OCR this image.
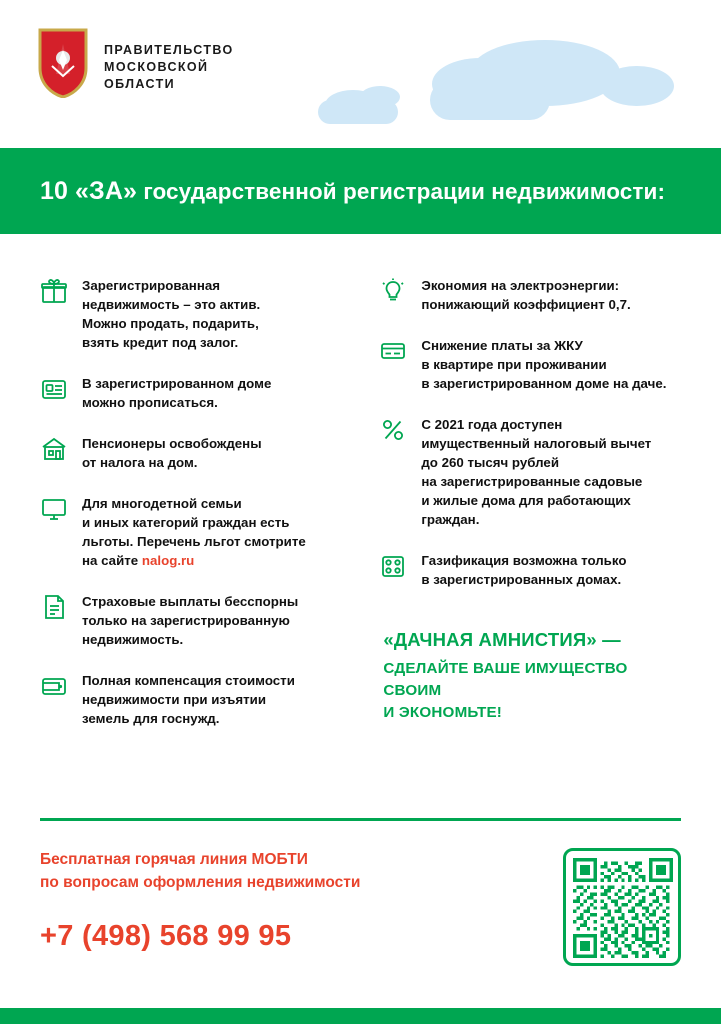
ПРАВИТЕЛЬСТВО
МОСКОВСКОЙ
ОБЛАСТИ
10 «ЗА» государственной регистрации недвижимости:
Зарегистрированная
недвижимость – это актив.
Можно продать, подарить,
взять кредит под залог.
В зарегистрированном доме
можно прописаться.
Пенсионеры освобождены
от налога на дом.
Для многодетной семьи
и иных категорий граждан есть
льготы. Перечень льгот смотрите
на сайте nalog.ru
Страховые выплаты бесспорны
только на зарегистрированную
недвижимость.
Полная компенсация стоимости
недвижимости при изъятии
земель для госнужд.
Экономия на электроэнергии:
понижающий коэффициент 0,7.
Снижение платы за ЖКУ
в квартире при проживании
в зарегистрированном доме на даче.
С 2021 года доступен
имущественный налоговый вычет
до 260 тысяч рублей
на зарегистрированные садовые
и жилые дома для работающих
граждан.
Газификация возможна только
в зарегистрированных домах.
«ДАЧНАЯ АМНИСТИЯ» —
СДЕЛАЙТЕ ВАШЕ ИМУЩЕСТВО СВОИМ
И ЭКОНОМЬТЕ!
Бесплатная горячая линия МОБТИ
по вопросам оформления недвижимости
+7 (498) 568 99 95
